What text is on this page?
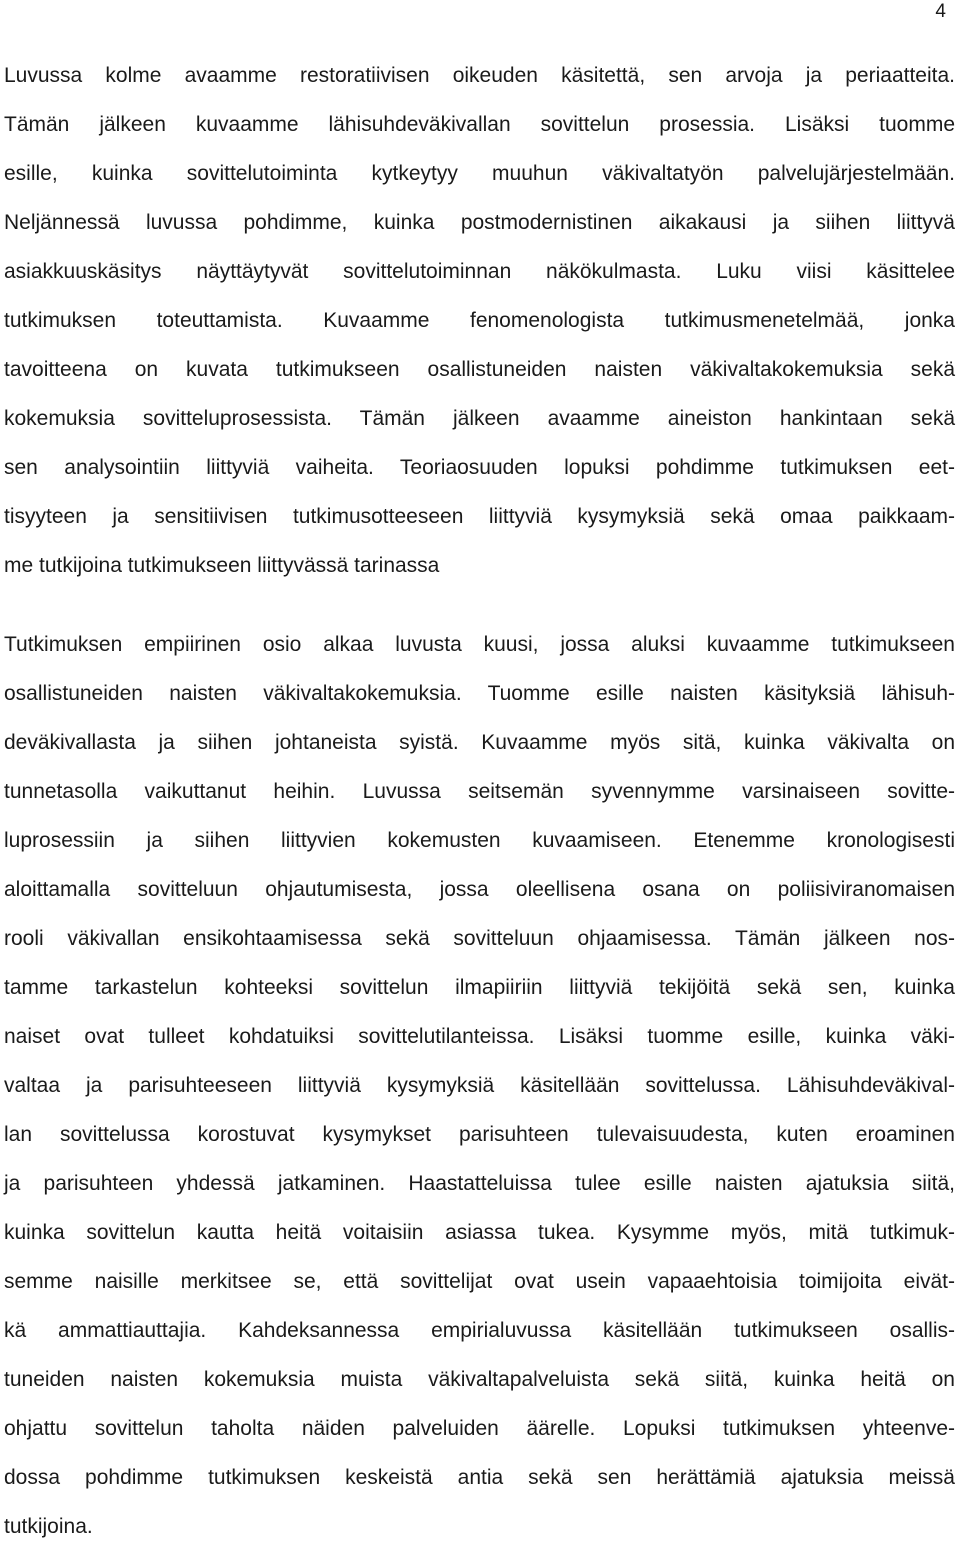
4

Luvussa kolme avaamme restoratiivisen oikeuden käsitettä, sen arvoja ja periaatteita.
Tämän jälkeen kuvaamme lähisuhdeväkivallan sovittelun prosessia. Lisäksi tuomme
esille, kuinka sovittelutoiminta kytkeytyy muuhun väkivaltatyön palvelujärjestelmään.
Neljännessä luvussa pohdimme, kuinka postmodernistinen aikakausi ja siihen liittyvä
asiakkuuskäsitys näyttäytyvät sovittelutoiminnan näkökulmasta. Luku viisi käsittelee
tutkimuksen toteuttamista. Kuvaamme fenomenologista tutkimusmenetelmää, jonka
tavoitteena on kuvata tutkimukseen osallistuneiden naisten väkivaltakokemuksia sekä
kokemuksia sovitteluprosessista. Tämän jälkeen avaamme aineiston hankintaan sekä
sen analysointiin liittyviä vaiheita. Teoriaosuuden lopuksi pohdimme tutkimuksen eet-
tisyyteen ja sensitiivisen tutkimusotteeseen liittyviä kysymyksiä sekä omaa paikkaam-
me tutkijoina tutkimukseen liittyvässä tarinassa

Tutkimuksen empiirinen osio alkaa luvusta kuusi, jossa aluksi kuvaamme tutkimukseen
osallistuneiden naisten väkivaltakokemuksia. Tuomme esille naisten käsityksiä lähisuh-
deväkivallasta ja siihen johtaneista syistä. Kuvaamme myös sitä, kuinka väkivalta on
tunnetasolla vaikuttanut heihin. Luvussa seitsemän syvennymme varsinaiseen sovitte-
luprosessiin ja siihen liittyvien kokemusten kuvaamiseen. Etenemme kronologisesti
aloittamalla sovitteluun ohjautumisesta, jossa oleellisena osana on poliisiviranomaisen
rooli väkivallan ensikohtaamisessa sekä sovitteluun ohjaamisessa. Tämän jälkeen nos-
tamme tarkastelun kohteeksi sovittelun ilmapiiriin liittyviä tekijöitä sekä sen, kuinka
naiset ovat tulleet kohdatuiksi sovittelutilanteissa. Lisäksi tuomme esille, kuinka väki-
valtaa ja parisuhteeseen liittyviä kysymyksiä käsitellään sovittelussa. Lähisuhdeväkival-
lan sovittelussa korostuvat kysymykset parisuhteen tulevaisuudesta, kuten eroaminen
ja parisuhteen yhdessä jatkaminen. Haastatteluissa tulee esille naisten ajatuksia siitä,
kuinka sovittelun kautta heitä voitaisiin asiassa tukea. Kysymme myös, mitä tutkimuk-
semme naisille merkitsee se, että sovittelijat ovat usein vapaaehtoisia toimijoita eivät-
kä ammattiauttajia. Kahdeksannessa empirialuvussa käsitellään tutkimukseen osallis-
tuneiden naisten kokemuksia muista väkivaltapalveluista sekä siitä, kuinka heitä on
ohjattu sovittelun taholta näiden palveluiden äärelle. Lopuksi tutkimuksen yhteenve-
dossa pohdimme tutkimuksen keskeistä antia sekä sen herättämiä ajatuksia meissä
tutkijoina.
